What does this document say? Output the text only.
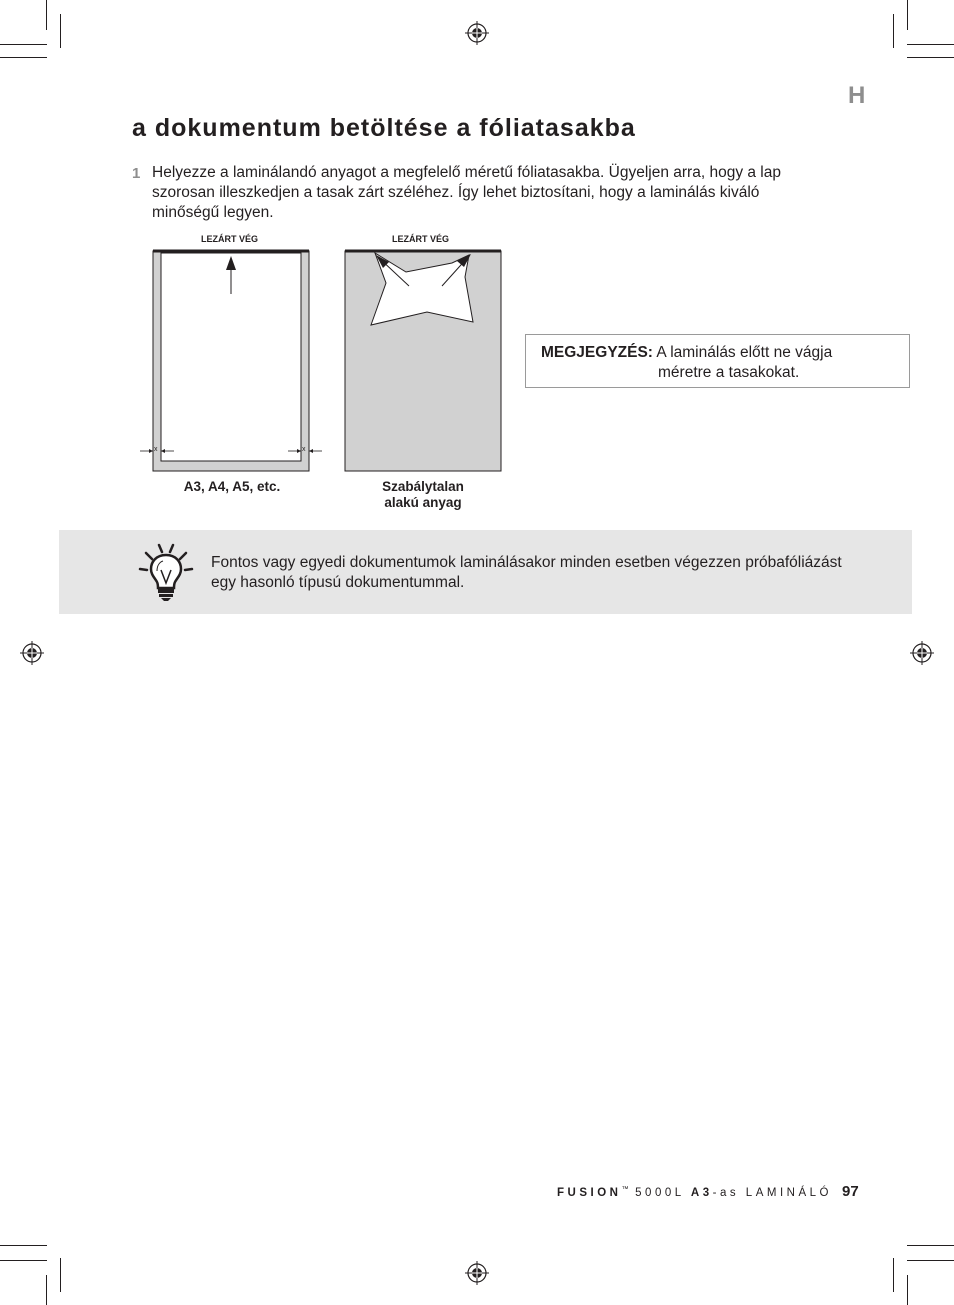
H
a dokumentum betöltése a fóliatasakba
1 Helyezze a laminálandó anyagot a megfelelő méretű fóliatasakba. Ügyeljen arra, hogy a lap szorosan illeszkedjen a tasak zárt széléhez. Így lehet biztosítani, hogy a laminálás kiváló minőségű legyen.
LEZÁRT VÉG
x	x
A3, A4, A5, etc.
LEZÁRT VÉG
Szabálytalan
alakú anyag
MEGJEGYZÉS: A laminálás előtt ne vágja
méretre a tasakokat.
Fontos vagy egyedi dokumentumok laminálásakor minden esetben végezzen próbafóliázást egy hasonló típusú dokumentummal.
FUSION™ 5000L A3-as LAMINÁLÓ 97
